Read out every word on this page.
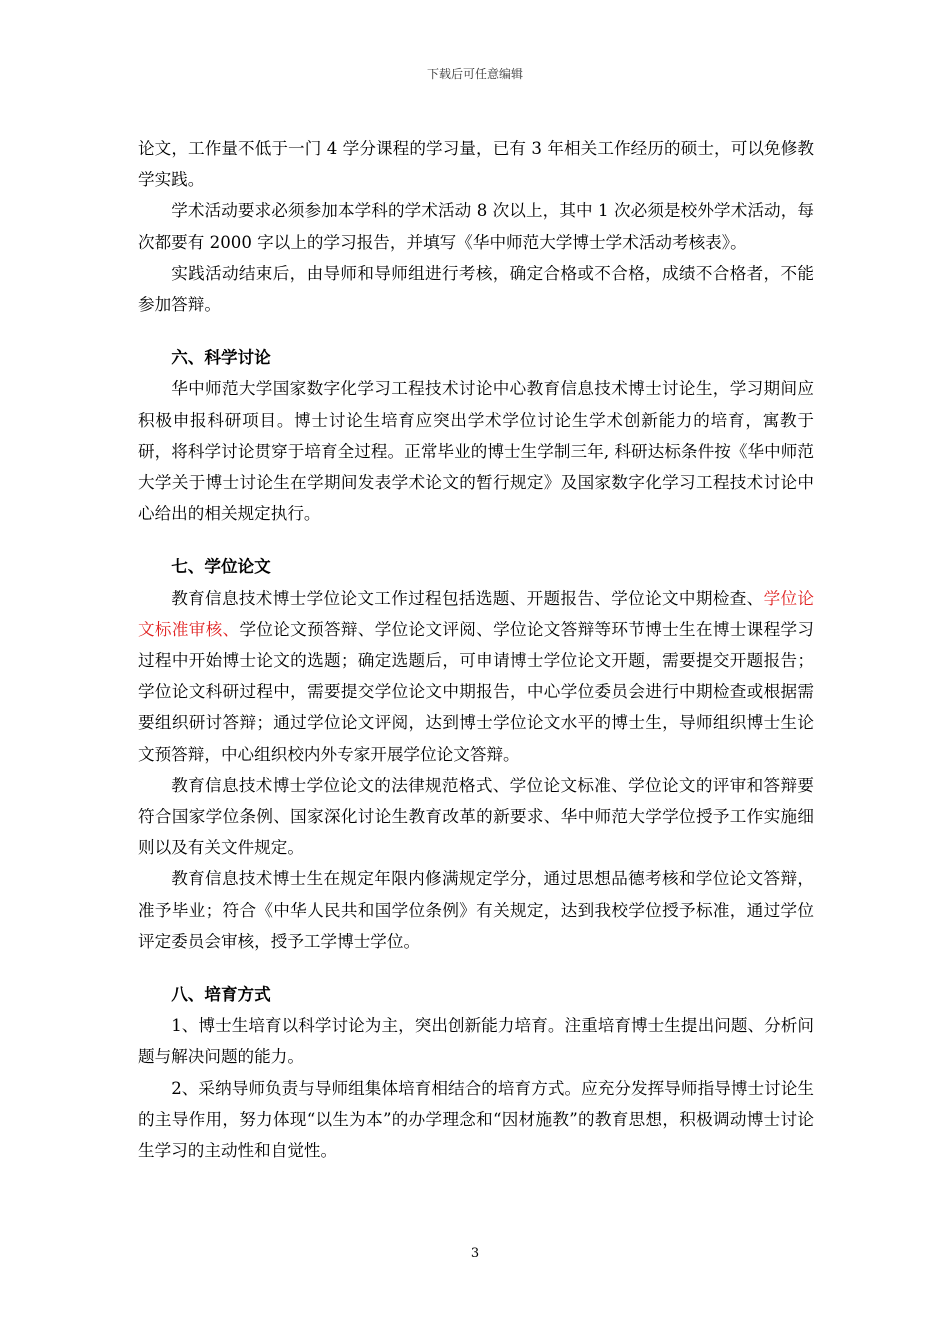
下载后可任意编辑

论文，工作量不低于一门 4 学分课程的学习量，已有 3 年相关工作经历的硕士，可以免修教学实践。

学术活动要求必须参加本学科的学术活动 8 次以上，其中 1 次必须是校外学术活动，每次都要有 2000 字以上的学习报告，并填写《华中师范大学博士学术活动考核表》。

实践活动结束后，由导师和导师组进行考核，确定合格或不合格，成绩不合格者，不能参加答辩。

六、科学讨论

华中师范大学国家数字化学习工程技术讨论中心教育信息技术博士讨论生，学习期间应积极申报科研项目。博士讨论生培育应突出学术学位讨论生学术创新能力的培育，寓教于研，将科学讨论贯穿于培育全过程。正常毕业的博士生学制三年, 科研达标条件按《华中师范大学关于博士讨论生在学期间发表学术论文的暂行规定》及国家数字化学习工程技术讨论中心给出的相关规定执行。

七、学位论文

教育信息技术博士学位论文工作过程包括选题、开题报告、学位论文中期检查、学位论文标准审核、学位论文预答辩、学位论文评阅、学位论文答辩等环节博士生在博士课程学习过程中开始博士论文的选题；确定选题后，可申请博士学位论文开题，需要提交开题报告；学位论文科研过程中，需要提交学位论文中期报告，中心学位委员会进行中期检查或根据需要组织研讨答辩；通过学位论文评阅，达到博士学位论文水平的博士生，导师组织博士生论文预答辩，中心组织校内外专家开展学位论文答辩。

教育信息技术博士学位论文的法律规范格式、学位论文标准、学位论文的评审和答辩要符合国家学位条例、国家深化讨论生教育改革的新要求、华中师范大学学位授予工作实施细则以及有关文件规定。

教育信息技术博士生在规定年限内修满规定学分，通过思想品德考核和学位论文答辩，准予毕业；符合《中华人民共和国学位条例》有关规定，达到我校学位授予标准，通过学位评定委员会审核，授予工学博士学位。

八、培育方式

1、博士生培育以科学讨论为主，突出创新能力培育。注重培育博士生提出问题、分析问题与解决问题的能力。

2、采纳导师负责与导师组集体培育相结合的培育方式。应充分发挥导师指导博士讨论生的主导作用，努力体现“以生为本”的办学理念和“因材施教”的教育思想，积极调动博士讨论生学习的主动性和自觉性。

3
